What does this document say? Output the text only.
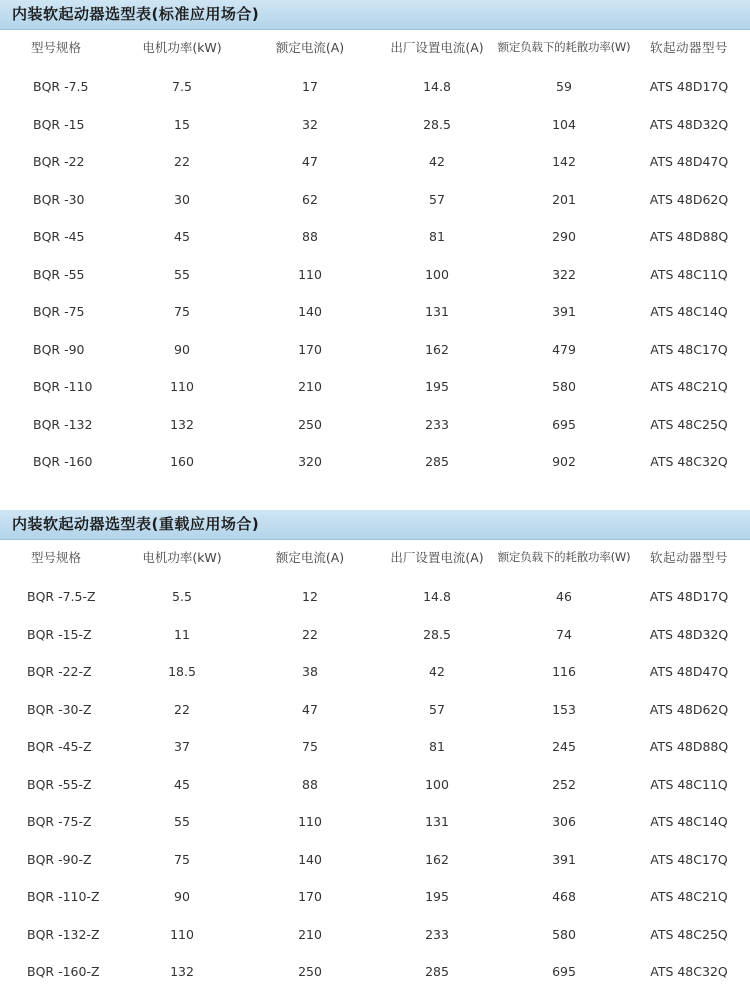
内装软起动器选型表(标准应用场合)
型号规格	电机功率(kW)	额定电流(A)	出厂设置电流(A)	额定负载下的耗散功率(W)	软起动器型号
BQR -7.5	7.5	17	14.8	59	ATS 48D17Q
BQR -15	15	32	28.5	104	ATS 48D32Q
BQR -22	22	47	42	142	ATS 48D47Q
BQR -30	30	62	57	201	ATS 48D62Q
BQR -45	45	88	81	290	ATS 48D88Q
BQR -55	55	110	100	322	ATS 48C11Q
BQR -75	75	140	131	391	ATS 48C14Q
BQR -90	90	170	162	479	ATS 48C17Q
BQR -110	110	210	195	580	ATS 48C21Q
BQR -132	132	250	233	695	ATS 48C25Q
BQR -160	160	320	285	902	ATS 48C32Q
内装软起动器选型表(重载应用场合)
型号规格	电机功率(kW)	额定电流(A)	出厂设置电流(A)	额定负载下的耗散功率(W)	软起动器型号
BQR -7.5-Z	5.5	12	14.8	46	ATS 48D17Q
BQR -15-Z	11	22	28.5	74	ATS 48D32Q
BQR -22-Z	18.5	38	42	116	ATS 48D47Q
BQR -30-Z	22	47	57	153	ATS 48D62Q
BQR -45-Z	37	75	81	245	ATS 48D88Q
BQR -55-Z	45	88	100	252	ATS 48C11Q
BQR -75-Z	55	110	131	306	ATS 48C14Q
BQR -90-Z	75	140	162	391	ATS 48C17Q
BQR -110-Z	90	170	195	468	ATS 48C21Q
BQR -132-Z	110	210	233	580	ATS 48C25Q
BQR -160-Z	132	250	285	695	ATS 48C32Q
